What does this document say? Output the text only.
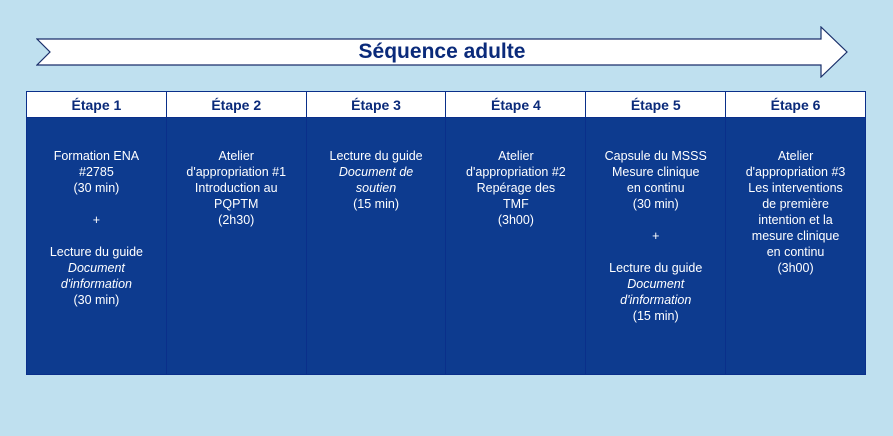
Séquence adulte
Étape 1
Formation ENA
#2785
(30 min)
+
Lecture du guide
Document
d'information
(30 min)
Étape 2
Atelier
d'appropriation #1
Introduction au
PQPTM
(2h30)
Étape 3
Lecture du guide
Document de
soutien
(15 min)
Étape 4
Atelier
d'appropriation #2
Repérage des
TMF
(3h00)
Étape 5
Capsule du MSSS
Mesure clinique
en continu
(30 min)
+
Lecture du guide
Document
d'information
(15 min)
Étape 6
Atelier
d'appropriation #3
Les interventions
de première
intention et la
mesure clinique
en continu
(3h00)
